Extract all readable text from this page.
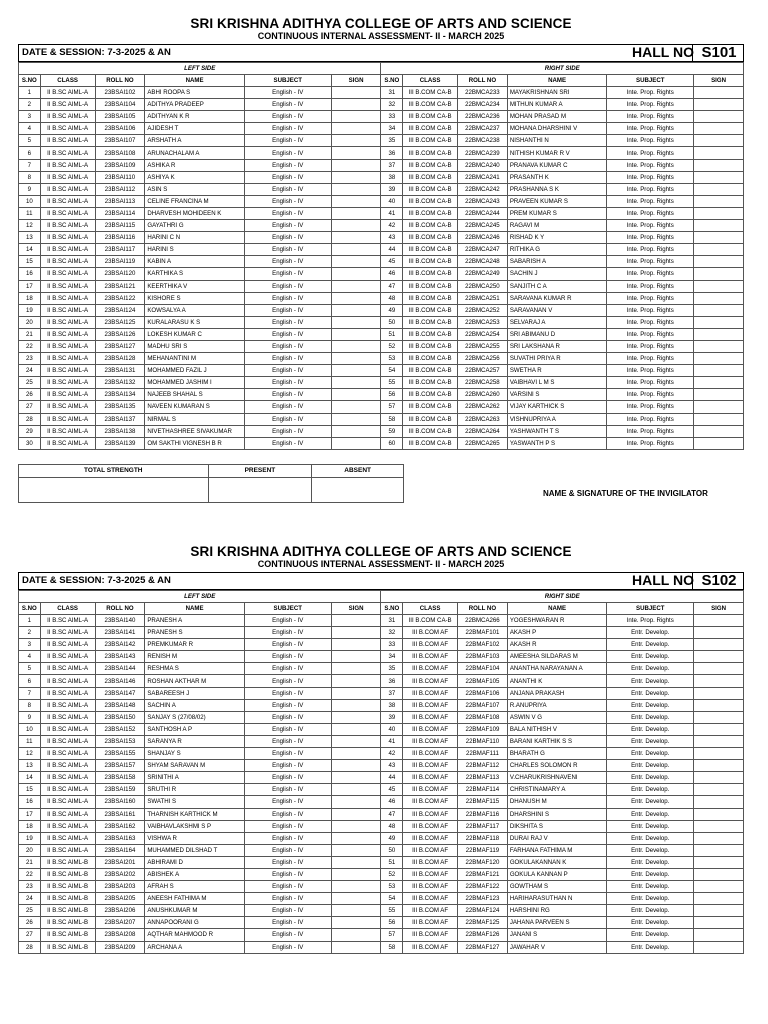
SRI KRISHNA ADITHYA COLLEGE OF ARTS AND SCIENCE
CONTINUOUS INTERNAL ASSESSMENT- II - MARCH 2025
DATE & SESSION: 7-3-2025 & AN	HALL NO S101
LEFT SIDE						RIGHT SIDE					
S.NO	CLASS	ROLL NO	NAME	SUBJECT	SIGN	S.NO	CLASS	ROLL NO	NAME	SUBJECT	SIGN
1	II B.SC AIML-A	23BSAI102	ABHI ROOPA S	English - IV		31	III B.COM CA-B	22BMCA233	MAYAKRISHNAN SRI	Inte. Prop. Rights	
2	II B.SC AIML-A	23BSAI104	ADITHYA PRADEEP	English - IV		32	III B.COM CA-B	22BMCA234	MITHUN KUMAR A	Inte. Prop. Rights	
3	II B.SC AIML-A	23BSAI105	ADITHYAN K R	English - IV		33	III B.COM CA-B	22BMCA236	MOHAN PRASAD M	Inte. Prop. Rights	
4	II B.SC AIML-A	23BSAI106	AJIDESH T	English - IV		34	III B.COM CA-B	22BMCA237	MOHANA DHARSHINI V	Inte. Prop. Rights	
5	II B.SC AIML-A	23BSAI107	ARSHATH A	English - IV		35	III B.COM CA-B	22BMCA238	NISHANTHI N	Inte. Prop. Rights	
6	II B.SC AIML-A	23BSAI108	ARUNACHALAM A	English - IV		36	III B.COM CA-B	22BMCA239	NITHISH KUMAR R V	Inte. Prop. Rights	
7	II B.SC AIML-A	23BSAI109	ASHIKA R	English - IV		37	III B.COM CA-B	22BMCA240	PRANAVA KUMAR C	Inte. Prop. Rights	
8	II B.SC AIML-A	23BSAI110	ASHIYA K	English - IV		38	III B.COM CA-B	22BMCA241	PRASANTH K	Inte. Prop. Rights	
9	II B.SC AIML-A	23BSAI112	ASIN S	English - IV		39	III B.COM CA-B	22BMCA242	PRASHANNA S K	Inte. Prop. Rights	
10	II B.SC AIML-A	23BSAI113	CELINE FRANCINA M	English - IV		40	III B.COM CA-B	22BMCA243	PRAVEEN KUMAR S	Inte. Prop. Rights	
11	II B.SC AIML-A	23BSAI114	DHARVESH MOHIDEEN K	English - IV		41	III B.COM CA-B	22BMCA244	PREM KUMAR S	Inte. Prop. Rights	
12	II B.SC AIML-A	23BSAI115	GAYATHRI G	English - IV		42	III B.COM CA-B	22BMCA245	RAGAVI M	Inte. Prop. Rights	
13	II B.SC AIML-A	23BSAI116	HARINI C N	English - IV		43	III B.COM CA-B	22BMCA246	RISHAD K Y	Inte. Prop. Rights	
14	II B.SC AIML-A	23BSAI117	HARINI S	English - IV		44	III B.COM CA-B	22BMCA247	RITHIKA G	Inte. Prop. Rights	
15	II B.SC AIML-A	23BSAI119	KABIN A	English - IV		45	III B.COM CA-B	22BMCA248	SABARISH A	Inte. Prop. Rights	
16	II B.SC AIML-A	23BSAI120	KARTHIKA S	English - IV		46	III B.COM CA-B	22BMCA249	SACHIN J	Inte. Prop. Rights	
17	II B.SC AIML-A	23BSAI121	KEERTHIKA V	English - IV		47	III B.COM CA-B	22BMCA250	SANJITH C A	Inte. Prop. Rights	
18	II B.SC AIML-A	23BSAI122	KISHORE S	English - IV		48	III B.COM CA-B	22BMCA251	SARAVANA KUMAR R	Inte. Prop. Rights	
19	II B.SC AIML-A	23BSAI124	KOWSALYA A	English - IV		49	III B.COM CA-B	22BMCA252	SARAVANAN V	Inte. Prop. Rights	
20	II B.SC AIML-A	23BSAI125	KURALARASU K S	English - IV		50	III B.COM CA-B	22BMCA253	SELVARAJ A	Inte. Prop. Rights	
21	II B.SC AIML-A	23BSAI126	LOKESH KUMAR C	English - IV		51	III B.COM CA-B	22BMCA254	SRI ABIMANU D	Inte. Prop. Rights	
22	II B.SC AIML-A	23BSAI127	MADHU SRI S	English - IV		52	III B.COM CA-B	22BMCA255	SRI LAKSHANA R	Inte. Prop. Rights	
23	II B.SC AIML-A	23BSAI128	MEHANANTINI M	English - IV		53	III B.COM CA-B	22BMCA256	SUVATHI PRIYA R	Inte. Prop. Rights	
24	II B.SC AIML-A	23BSAI131	MOHAMMED FAZIL J	English - IV		54	III B.COM CA-B	22BMCA257	SWETHA R	Inte. Prop. Rights	
25	II B.SC AIML-A	23BSAI132	MOHAMMED JASHIM I	English - IV		55	III B.COM CA-B	22BMCA258	VAIBHAVI L M S	Inte. Prop. Rights	
26	II B.SC AIML-A	23BSAI134	NAJEEB SHAHAL S	English - IV		56	III B.COM CA-B	22BMCA260	VARSINI S	Inte. Prop. Rights	
27	II B.SC AIML-A	23BSAI135	NAVEEN KUMARAN S	English - IV		57	III B.COM CA-B	22BMCA262	VIJAY KARTHICK S	Inte. Prop. Rights	
28	II B.SC AIML-A	23BSAI137	NIRMAL S	English - IV		58	III B.COM CA-B	22BMCA263	VISHNUPRIYA A	Inte. Prop. Rights	
29	II B.SC AIML-A	23BSAI138	NIVETHASHREE SIVAKUMAR	English - IV		59	III B.COM CA-B	22BMCA264	YASHWANTH T S	Inte. Prop. Rights	
30	II B.SC AIML-A	23BSAI139	OM SAKTHI VIGNESH B R	English - IV		60	III B.COM CA-B	22BMCA265	YASWANTH P S	Inte. Prop. Rights	
TOTAL STRENGTH	PRESENT	ABSENT

NAME & SIGNATURE OF THE INVIGILATOR
SRI KRISHNA ADITHYA COLLEGE OF ARTS AND SCIENCE
CONTINUOUS INTERNAL ASSESSMENT- II - MARCH 2025
DATE & SESSION: 7-3-2025 & AN	HALL NO S102
LEFT SIDE						RIGHT SIDE					
S.NO	CLASS	ROLL NO	NAME	SUBJECT	SIGN	S.NO	CLASS	ROLL NO	NAME	SUBJECT	SIGN
1	II B.SC AIML-A	23BSAI140	PRANESH A	English - IV		31	III B.COM CA-B	22BMCA266	YOGESHWARAN R	Inte. Prop. Rights	
2	II B.SC AIML-A	23BSAI141	PRANESH S	English - IV		32	III B.COM AF	22BMAF101	AKASH P	Entr. Develop.	
3	II B.SC AIML-A	23BSAI142	PREMKUMAR R	English - IV		33	III B.COM AF	22BMAF102	AKASH R	Entr. Develop.	
4	II B.SC AIML-A	23BSAI143	RENISH M	English - IV		34	III B.COM AF	22BMAF103	AMEESHA SILDARAS M	Entr. Develop.	
5	II B.SC AIML-A	23BSAI144	RESHMA S	English - IV		35	III B.COM AF	22BMAF104	ANANTHA NARAYANAN A	Entr. Develop.	
6	II B.SC AIML-A	23BSAI146	ROSHAN AKTHAR M	English - IV		36	III B.COM AF	22BMAF105	ANANTHI K	Entr. Develop.	
7	II B.SC AIML-A	23BSAI147	SABAREESH J	English - IV		37	III B.COM AF	22BMAF106	ANJANA PRAKASH	Entr. Develop.	
8	II B.SC AIML-A	23BSAI148	SACHIN A	English - IV		38	III B.COM AF	22BMAF107	R.ANUPRIYA	Entr. Develop.	
9	II B.SC AIML-A	23BSAI150	SANJAY S (27/08/02)	English - IV		39	III B.COM AF	22BMAF108	ASWIN V G	Entr. Develop.	
10	II B.SC AIML-A	23BSAI152	SANTHOSH A P	English - IV		40	III B.COM AF	22BMAF109	BALA NITHISH V	Entr. Develop.	
11	II B.SC AIML-A	23BSAI153	SARANYA R	English - IV		41	III B.COM AF	22BMAF110	BARANI KARTHIK S S	Entr. Develop.	
12	II B.SC AIML-A	23BSAI155	SHANJAY S	English - IV		42	III B.COM AF	22BMAF111	BHARATH G	Entr. Develop.	
13	II B.SC AIML-A	23BSAI157	SHYAM SARAVAN M	English - IV		43	III B.COM AF	22BMAF112	CHARLES SOLOMON R	Entr. Develop.	
14	II B.SC AIML-A	23BSAI158	SRINITHI A	English - IV		44	III B.COM AF	22BMAF113	V.CHARUKRISHNAVENI	Entr. Develop.	
15	II B.SC AIML-A	23BSAI159	SRUTHI R	English - IV		45	III B.COM AF	22BMAF114	CHRISTINAMARY A	Entr. Develop.	
16	II B.SC AIML-A	23BSAI160	SWATHI S	English - IV		46	III B.COM AF	22BMAF115	DHANUSH M	Entr. Develop.	
17	II B.SC AIML-A	23BSAI161	THARNISH KARTHICK M	English - IV		47	III B.COM AF	22BMAF116	DHARSHINI S	Entr. Develop.	
18	II B.SC AIML-A	23BSAI162	VAIBHAVLAKSHMI S P	English - IV		48	III B.COM AF	22BMAF117	DIKSHITA S	Entr. Develop.	
19	II B.SC AIML-A	23BSAI163	VISHWA R	English - IV		49	III B.COM AF	22BMAF118	DURAI RAJ V	Entr. Develop.	
20	II B.SC AIML-A	23BSAI164	MUHAMMED DILSHAD T	English - IV		50	III B.COM AF	22BMAF119	FARHANA FATHIMA M	Entr. Develop.	
21	II B.SC AIML-B	23BSAI201	ABHIRAMI D	English - IV		51	III B.COM AF	22BMAF120	GOKULAKANNAN K	Entr. Develop.	
22	II B.SC AIML-B	23BSAI202	ABISHEK A	English - IV		52	III B.COM AF	22BMAF121	GOKULA KANNAN P	Entr. Develop.	
23	II B.SC AIML-B	23BSAI203	AFRAH S	English - IV		53	III B.COM AF	22BMAF122	GOWTHAM S	Entr. Develop.	
24	II B.SC AIML-B	23BSAI205	ANEESH FATHIMA M	English - IV		54	III B.COM AF	22BMAF123	HARIHARASUTHAN N	Entr. Develop.	
25	II B.SC AIML-B	23BSAI206	ANUSHKUMAR M	English - IV		55	III B.COM AF	22BMAF124	HARSHINI RG	Entr. Develop.	
26	II B.SC AIML-B	23BSAI207	ANNAPOORANI G	English - IV		56	III B.COM AF	22BMAF125	JAHANA PARVEEN S	Entr. Develop.	
27	II B.SC AIML-B	23BSAI208	AQTHAR MAHMOOD R	English - IV		57	III B.COM AF	22BMAF126	JANANI S	Entr. Develop.	
28	II B.SC AIML-B	23BSAI209	ARCHANA A	English - IV		58	III B.COM AF	22BMAF127	JAWAHAR V	Entr. Develop.	
